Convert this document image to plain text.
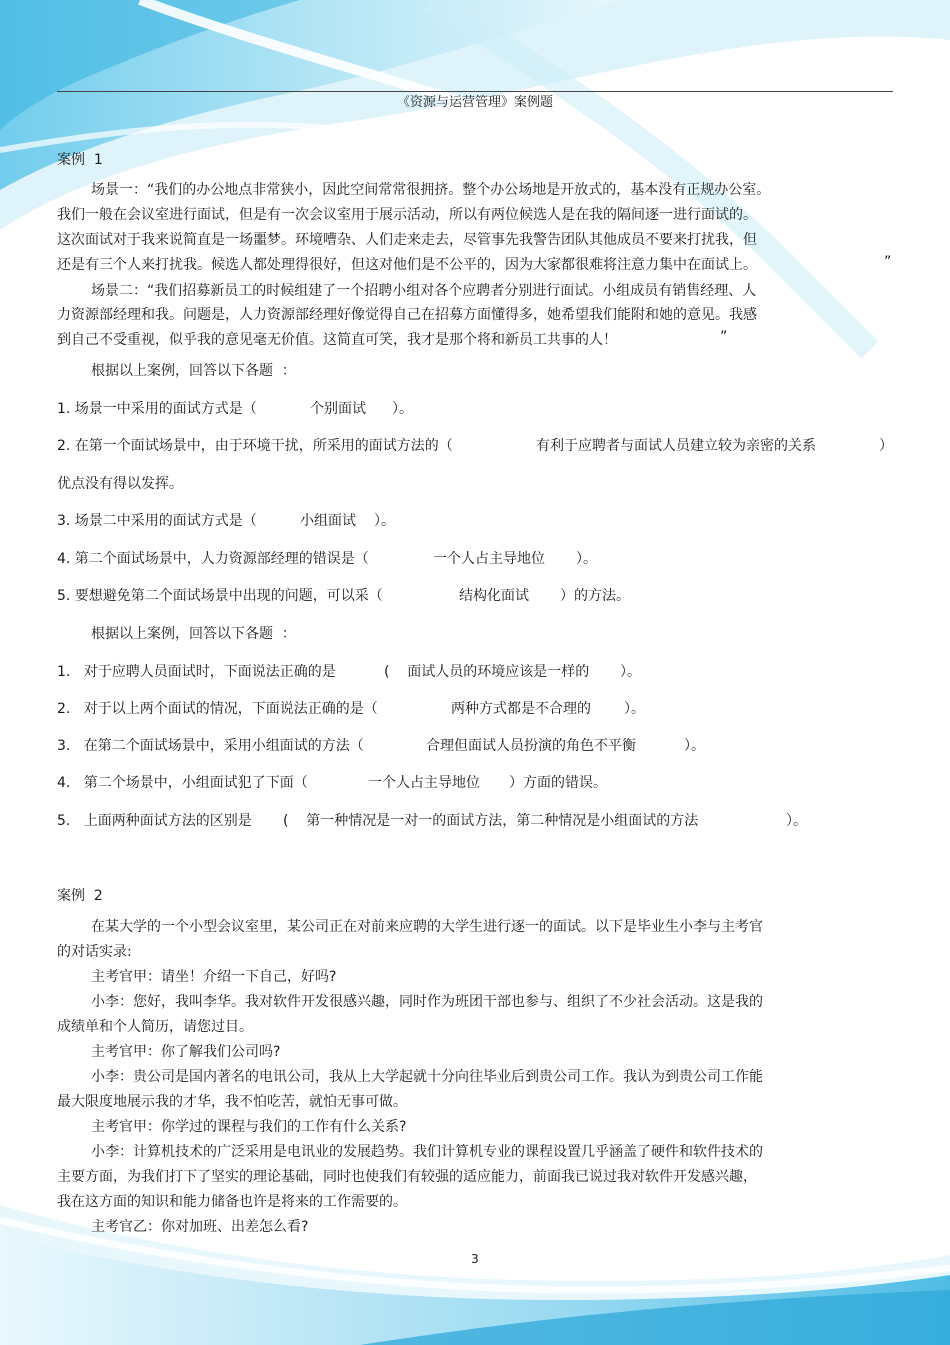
《资源与运营管理》案例题
案例  1
场景一：“我们的办公地点非常狭小，因此空间常常很拥挤。整个办公场地是开放式的，基本没有正规办公室。
我们一般在会议室进行面试，但是有一次会议室用于展示活动，所以有两位候选人是在我的隔间逐一进行面试的。
这次面试对于我来说简直是一场噩梦。环境嘈杂、人们走来走去，尽管事先我警告团队其他成员不要来打扰我，但
还是有三个人来打扰我。候选人都处理得很好，但这对他们是不公平的，因为大家都很难将注意力集中在面试上。	”
场景二：“我们招募新员工的时候组建了一个招聘小组对各个应聘者分别进行面试。小组成员有销售经理、人
力资源部经理和我。问题是，人力资源部经理好像觉得自己在招募方面懂得多，她希望我们能附和她的意见。我感
到自己不受重视，似乎我的意见毫无价值。这简直可笑，我才是那个将和新员工共事的人！	”
根据以上案例，回答以下各题  ：
1. 场景一中采用的面试方式是（	个别面试 ）。
2. 在第一个面试场景中，由于环境干扰，所采用的面试方法的（	有利于应聘者与面试人员建立较为亲密的关系	）
优点没有得以发挥。
3. 场景二中采用的面试方式是（	小组面试 ）。
4. 第二个面试场景中，人力资源部经理的错误是（	一个人占主导地位 ）。
5. 要想避免第二个面试场景中出现的问题，可以采（	结构化面试 ）的方法。
根据以上案例，回答以下各题  ：
1.   对于应聘人员面试时，下面说法正确的是	(    面试人员的环境应该是一样的 ）。
2.   对于以上两个面试的情况，下面说法正确的是（	两种方式都是不合理的 ）。
3.   在第二个面试场景中，采用小组面试的方法（	合理但面试人员扮演的角色不平衡	）。
4.   第二个场景中，小组面试犯了下面（	一个人占主导地位 ）方面的错误。
5.   上面两种面试方法的区别是 (    第一种情况是一对一的面试方法，第二种情况是小组面试的方法	）。
案例  2
在某大学的一个小型会议室里，某公司正在对前来应聘的大学生进行逐一的面试。以下是毕业生小李与主考官
的对话实录:
主考官甲：请坐！介绍一下自己，好吗?
小李：您好，我叫李华。我对软件开发很感兴趣，同时作为班团干部也参与、组织了不少社会活动。这是我的
成绩单和个人简历，请您过目。
主考官甲：你了解我们公司吗?
小李：贵公司是国内著名的电讯公司，我从上大学起就十分向往毕业后到贵公司工作。我认为到贵公司工作能
最大限度地展示我的才华，我不怕吃苦，就怕无事可做。
主考官甲：你学过的课程与我们的工作有什么关系?
小李：计算机技术的广泛采用是电讯业的发展趋势。我们计算机专业的课程设置几乎涵盖了硬件和软件技术的
主要方面，为我们打下了坚实的理论基础，同时也使我们有较强的适应能力，前面我已说过我对软件开发感兴趣，
我在这方面的知识和能力储备也许是将来的工作需要的。
主考官乙：你对加班、出差怎么看?
3
